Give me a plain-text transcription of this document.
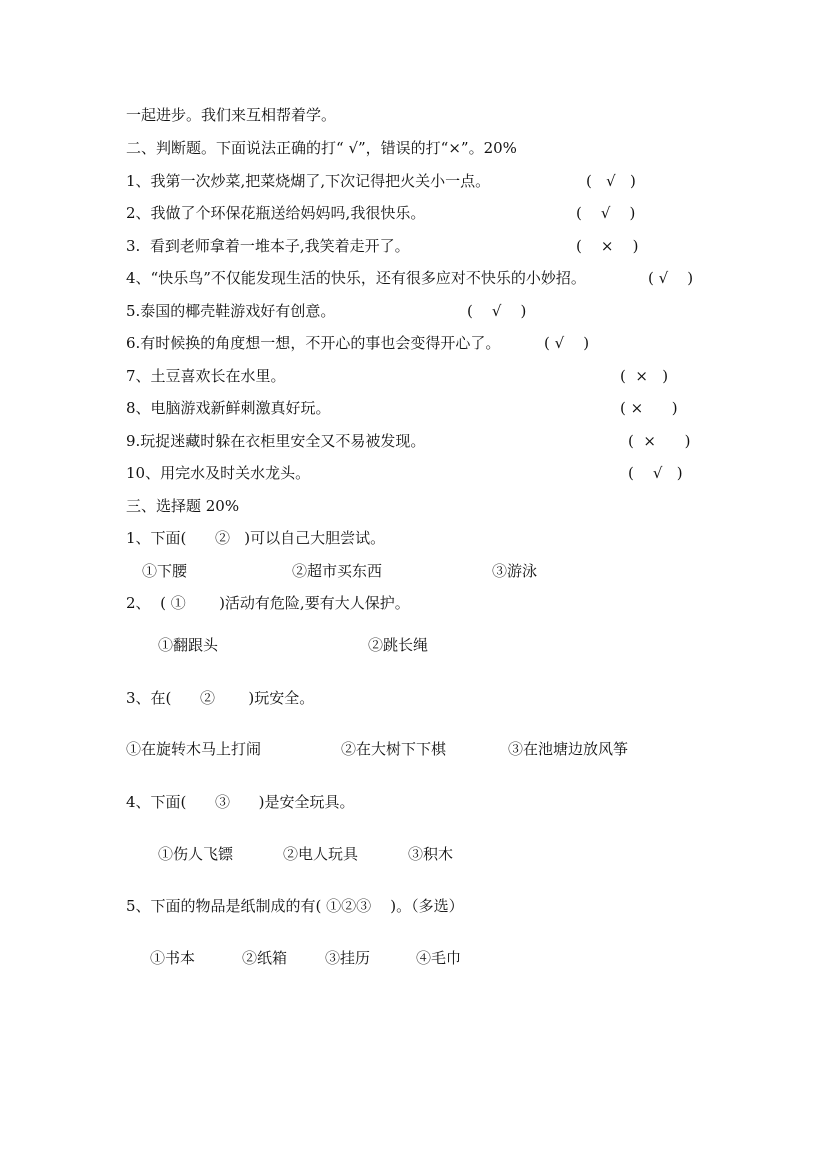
一起进步。我们来互相帮着学。
二、判断题。下面说法正确的打“ √”，错误的打“×”。20%
1、我第一次炒菜,把菜烧煳了,下次记得把火关小一点。	(   √   )
2、我做了个环保花瓶送给妈妈吗,我很快乐。	(    √    )
3.  看到老师拿着一堆本子,我笑着走开了。	(    ×    )
4、“快乐鸟”不仅能发现生活的快乐，还有很多应对不快乐的小妙招。	( √    )
5.泰国的椰壳鞋游戏好有创意。	(    √    )
6.有时候换的角度想一想，不开心的事也会变得开心了。	( √    )
7、土豆喜欢长在水里。	(  ×   )
8、电脑游戏新鲜刺激真好玩。	( ×      )
9.玩捉迷藏时躲在衣柜里安全又不易被发现。	(  ×      )
10、用完水及时关水龙头。	(    √   )
三、选择题 20%
1、下面(      ②   )可以自己大胆尝试。
①下腰	②超市买东西	③游泳
2、  ( ①       )活动有危险,要有大人保护。
①翻跟头	②跳长绳
3、在(      ②       )玩安全。
①在旋转木马上打闹	②在大树下下棋	③在池塘边放风筝
4、下面(      ③      )是安全玩具。
①伤人飞镖	②电人玩具	③积木
5、下面的物品是纸制成的有( ①②③    )。（多选）
①书本	②纸箱	③挂历	④毛巾
